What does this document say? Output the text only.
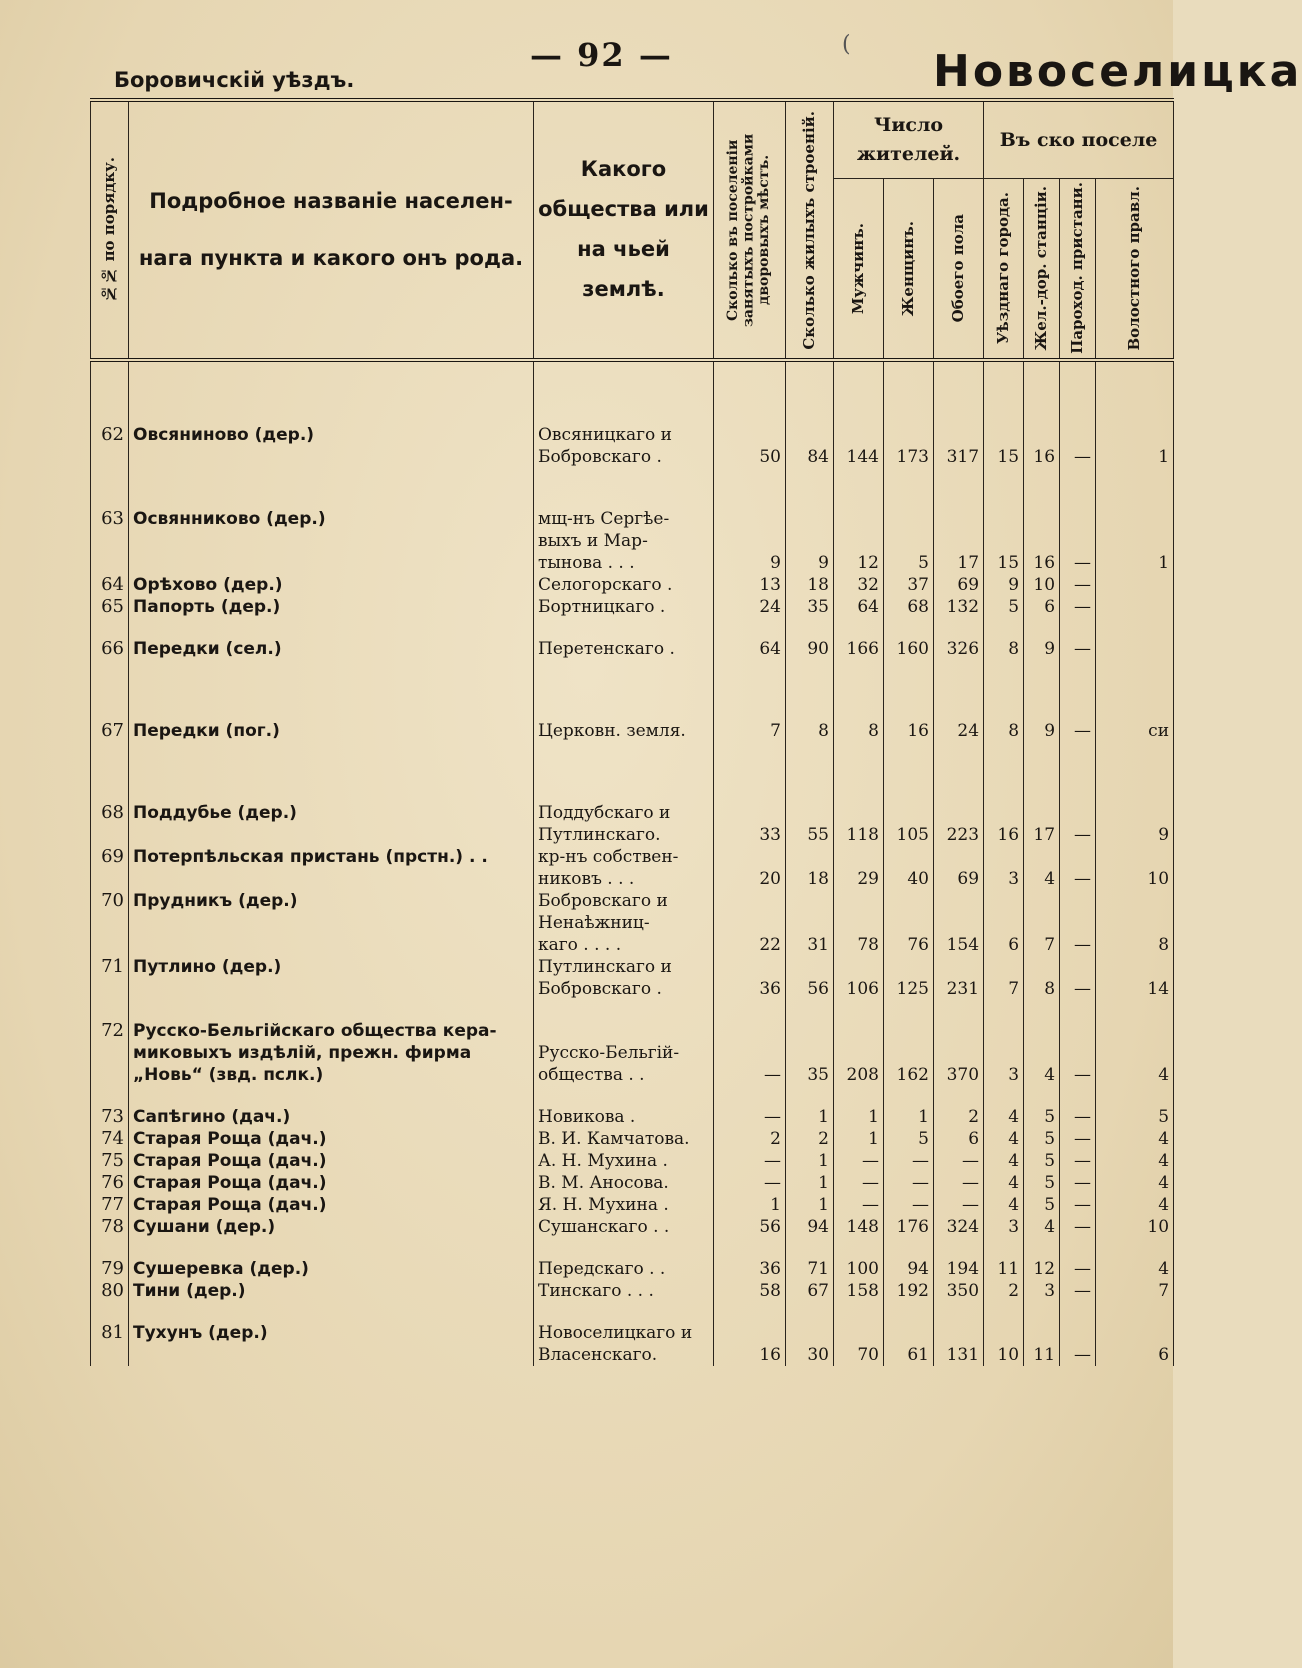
— 92 —	(
Боровичскій уѣздъ.	Новоселицка
№№ по порядку.	Подробное названіе населен- нага пункта и какого онъ рода.	Какого общества или на чьей землѣ.	Сколько въ поселеніи занятыхъ постройками дворовыхъ мѣстъ.	Сколько жилыхъ строеній.	Число жителей.			Въ ско поселе			

					Мужчинъ.	Женщинъ.	Обоего пола	Уѣзднаго города.	Жел.-дор. станціи.	Пароход. пристани.	Волостного правл.

62	Овсяниново (дер.)	Овсяницкаго и									
		Бобровскаго .	50	84	144	173	317	15	16	—	1

63	Освянниково (дер.)	мщ-нъ Сергѣе-									
		выхъ и Мар-									
		тынова . . .	9	9	12	5	17	15	16	—	1
64	Орѣхово (дер.)	Селогорскаго .	13	18	32	37	69	9	10	—	
65	Папорть (дер.)	Бортницкаго .	24	35	64	68	132	5	6	—	

66	Передки (сел.)	Перетенскаго .	64	90	166	160	326	8	9	—	

67	Передки (пог.)	Церковн. земля.	7	8	8	16	24	8	9	—	си

68	Поддубье (дер.)	Поддубскаго и									
		Путлинскаго.	33	55	118	105	223	16	17	—	9
69	Потерпѣльская пристань (прстн.) . .	кр-нъ собствен-									
		никовъ . . .	20	18	29	40	69	3	4	—	10
70	Прудникъ (дер.)	Бобровскаго и									
		Ненаѣжниц-									
		каго . . . .	22	31	78	76	154	6	7	—	8
71	Путлино (дер.)	Путлинскаго и									
		Бобровскаго .	36	56	106	125	231	7	8	—	14

72	Русско-Бельгійскаго общества кера-										
	миковыхъ издѣлій, прежн. фирма	Русско-Бельгій-									
	„Новь“ (звд. пслк.)	общества . .	—	35	208	162	370	3	4	—	4

73	Сапѣгино (дач.)	Новикова .	—	1	1	1	2	4	5	—	5
74	Старая Роща (дач.)	В. И. Камчатова.	2	2	1	5	6	4	5	—	4
75	Старая Роща (дач.)	А. Н. Мухина .	—	1	—	—	—	4	5	—	4
76	Старая Роща (дач.)	В. М. Аносова.	—	1	—	—	—	4	5	—	4
77	Старая Роща (дач.)	Я. Н. Мухина .	1	1	—	—	—	4	5	—	4
78	Сушани (дер.)	Сушанскаго . .	56	94	148	176	324	3	4	—	10

79	Сушеревка (дер.)	Передскаго . .	36	71	100	94	194	11	12	—	4
80	Тини (дер.)	Тинскаго . . .	58	67	158	192	350	2	3	—	7

81	Тухунъ (дер.)	Новоселицкаго и									
		Власенскаго.	16	30	70	61	131	10	11	—	6
